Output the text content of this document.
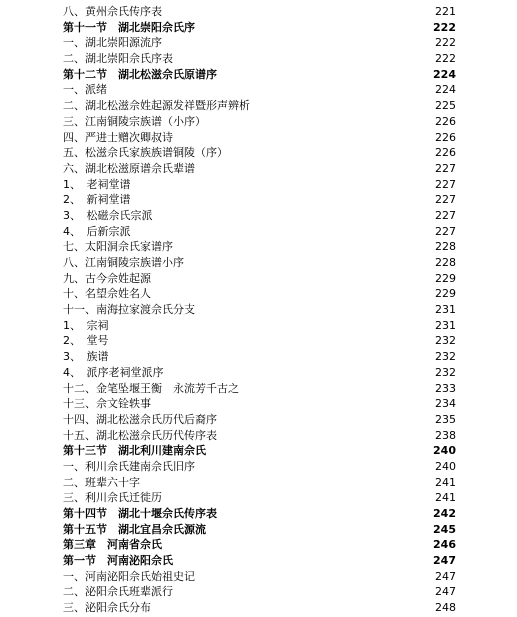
八、黄州佘氏传序表	221
第十一节　湖北崇阳佘氏序	222
一、湖北崇阳源流序	222
二、湖北崇阳佘氏序表	222
第十二节　湖北松滋佘氏原谱序	224
一、派绪	224
二、湖北松滋佘姓起源发祥暨形声辨析	225
三、江南铜陵宗族谱（小序）	226
四、严进士赠次卿叔诗	226
五、松滋佘氏家族族谱铜陵（序）	226
六、湖北松滋原谱佘氏辈谱	227
1、　老祠堂谱	227
2、　新祠堂谱	227
3、　松磁佘氏宗派	227
4、　后新宗派	227
七、太阳洞佘氏家谱序	228
八、江南铜陵宗族谱小序	228
九、古今佘姓起源	229
十、名望佘姓名人	229
十一、南海拉家渡佘氏分支	231
1、　宗祠	231
2、　堂号	232
3、　族谱	232
4、　派序老祠堂派序	232
十二、金笔坠堰王衡　永流芳千古之	233
十三、佘文铨轶事	234
十四、湖北松滋佘氏历代后裔序	235
十五、湖北松滋佘氏历代传序表	238
第十三节　湖北利川建南佘氏	240
一、利川佘氏建南佘氏旧序	240
二、班辈六十字	241
三、利川佘氏迁徙历	241
第十四节　湖北十堰佘氏传序表	242
第十五节　湖北宜昌佘氏源流	245
第三章　河南省佘氏	246
第一节　河南泌阳佘氏	247
一、河南泌阳佘氏始祖史记	247
二、泌阳佘氏班辈派行	247
三、泌阳佘氏分布	248
